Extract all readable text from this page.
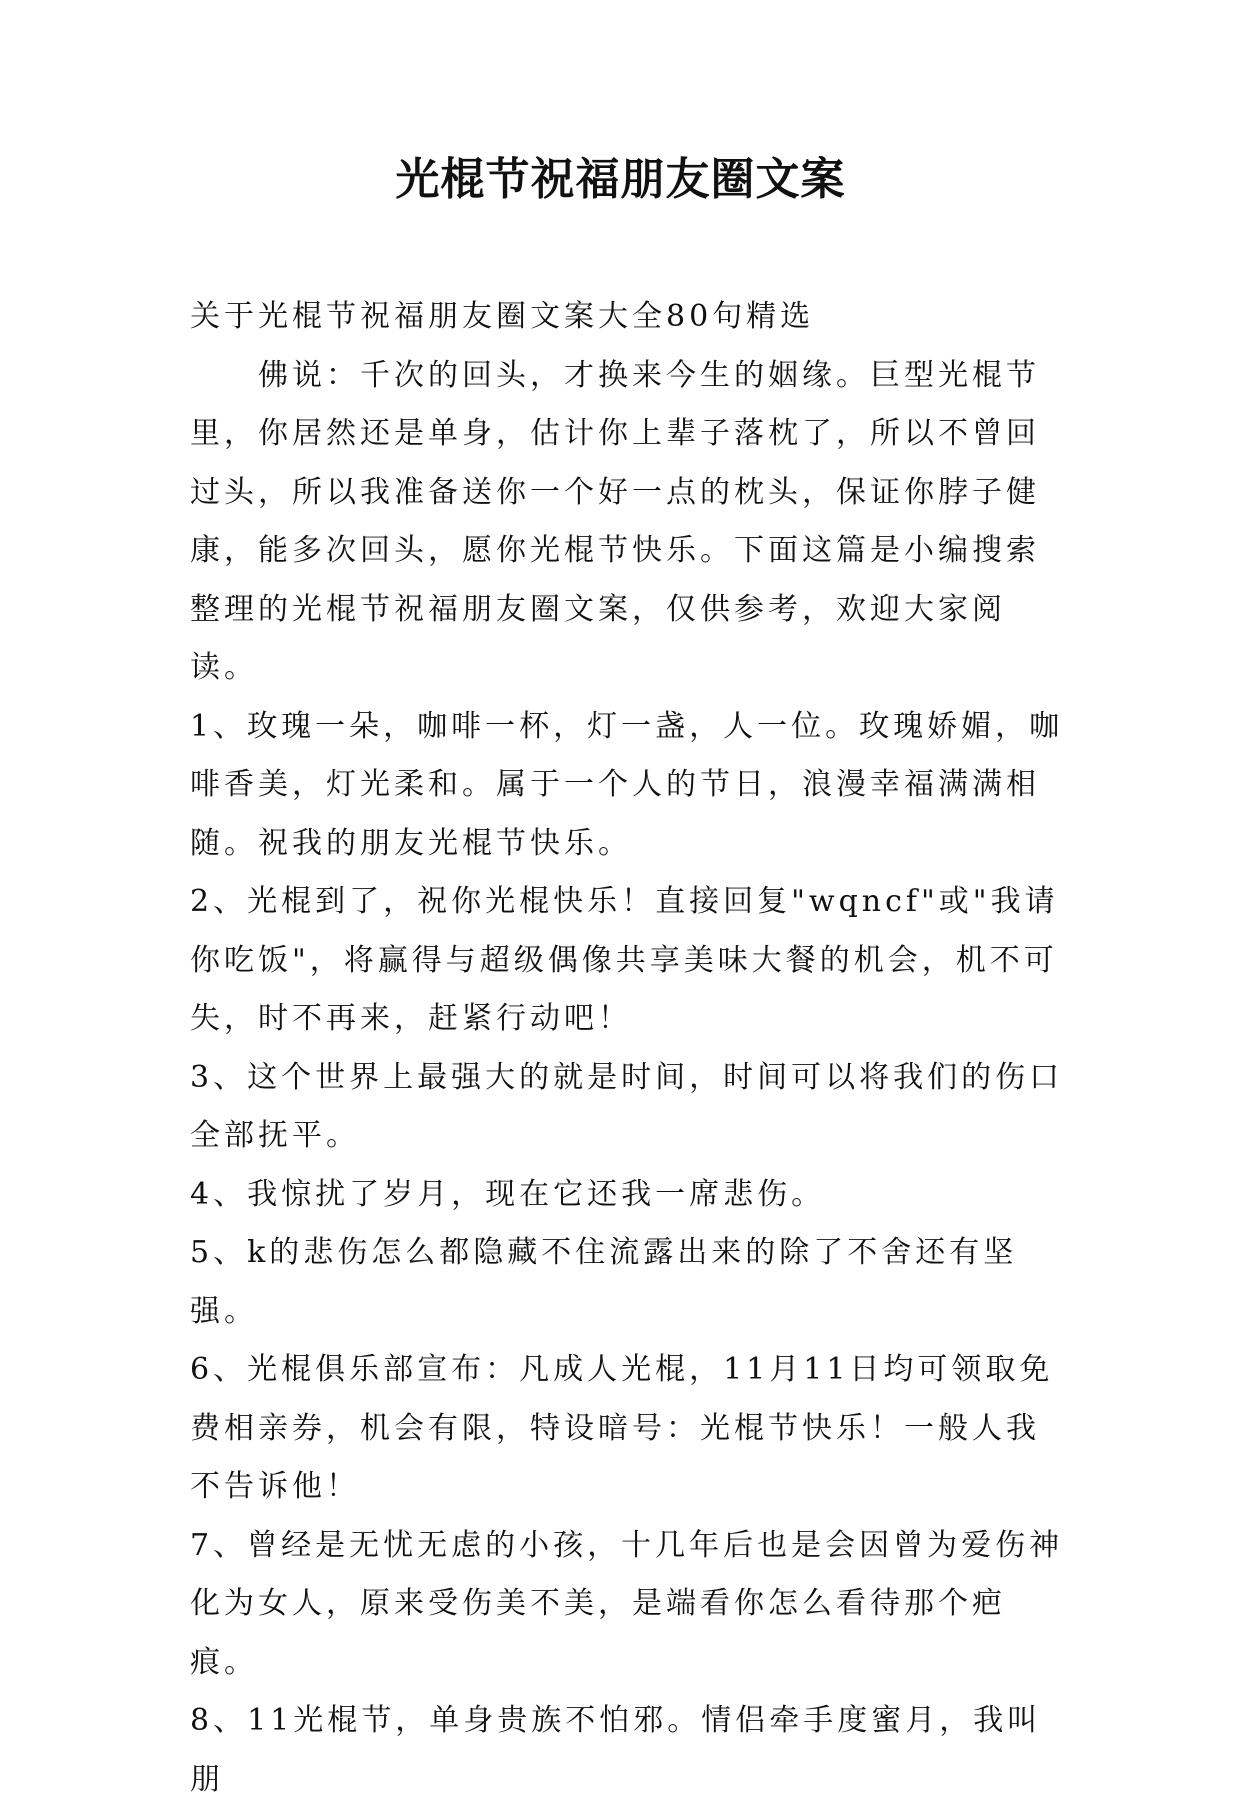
光棍节祝福朋友圈文案

关于光棍节祝福朋友圈文案大全80句精选

佛说：千次的回头，才换来今生的姻缘。巨型光棍节里，你居然还是单身，估计你上辈子落枕了，所以不曾回过头，所以我准备送你一个好一点的枕头，保证你脖子健康，能多次回头，愿你光棍节快乐。下面这篇是小编搜索整理的光棍节祝福朋友圈文案，仅供参考，欢迎大家阅读。

1、玫瑰一朵，咖啡一杯，灯一盏，人一位。玫瑰娇媚，咖啡香美，灯光柔和。属于一个人的节日，浪漫幸福满满相随。祝我的朋友光棍节快乐。

2、光棍到了，祝你光棍快乐！直接回复"wqncf"或"我请你吃饭"，将赢得与超级偶像共享美味大餐的机会，机不可失，时不再来，赶紧行动吧！

3、这个世界上最强大的就是时间，时间可以将我们的伤口全部抚平。

4、我惊扰了岁月，现在它还我一席悲伤。

5、k的悲伤怎么都隐藏不住流露出来的除了不舍还有坚强。

6、光棍俱乐部宣布：凡成人光棍，11月11日均可领取免费相亲券，机会有限，特设暗号：光棍节快乐！一般人我不告诉他！

7、曾经是无忧无虑的小孩，十几年后也是会因曾为爱伤神化为女人，原来受伤美不美，是端看你怎么看待那个疤痕。

8、11光棍节，单身贵族不怕邪。情侣牵手度蜜月，我叫朋
